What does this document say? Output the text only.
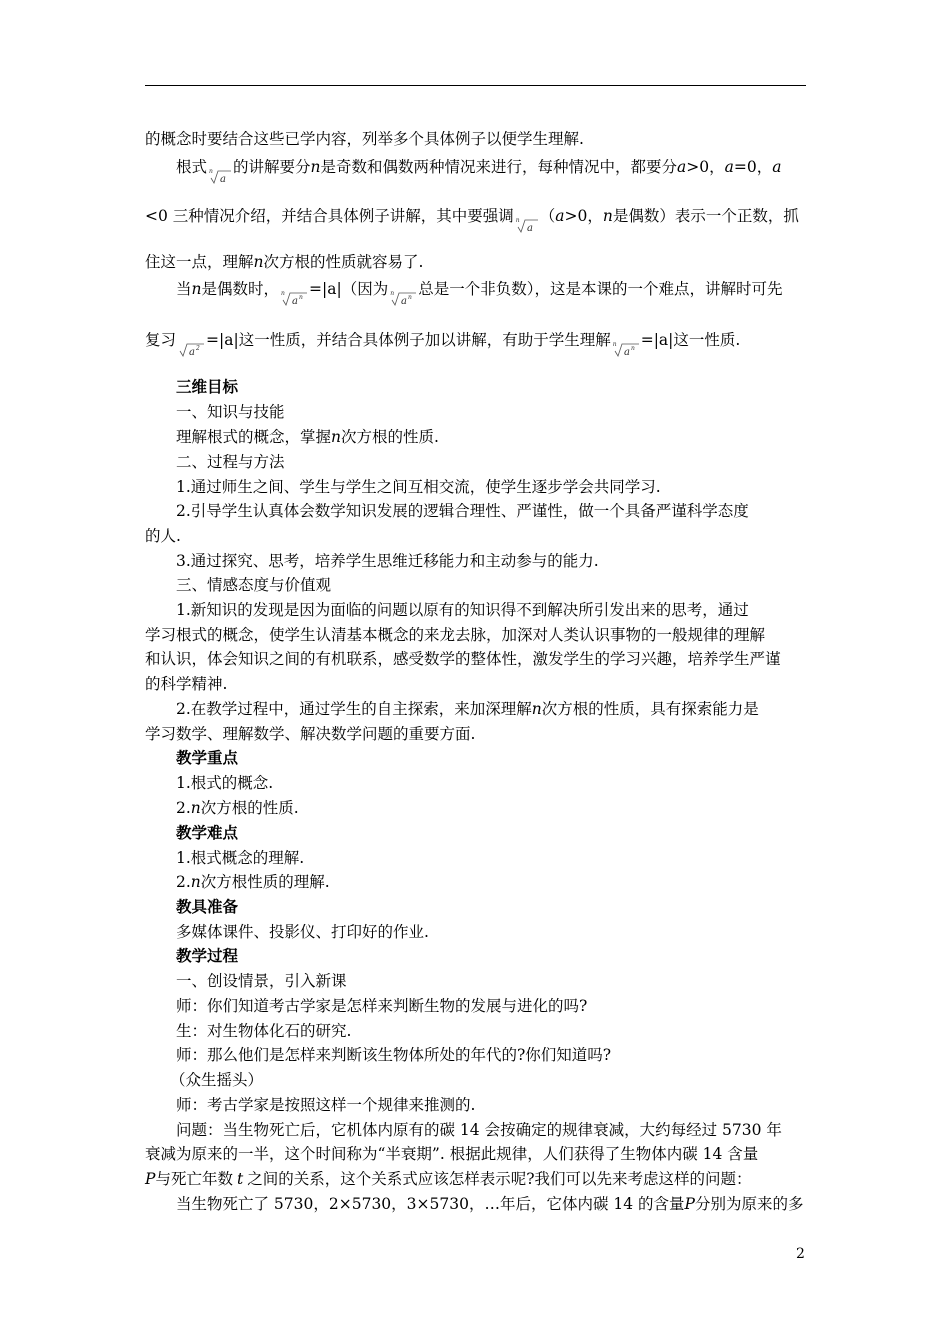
的概念时要结合这些已学内容，列举多个具体例子以便学生理解.
根式 n
a
的讲解要分n是奇数和偶数两种情况来进行，每种情况中，都要分a>0，a=0，a
<0 三种情况介绍，并结合具体例子讲解，其中要强调 n
a
（a>0，n是偶数）表示一个正数，抓
住这一点，理解n次方根的性质就容易了.
当n是偶数时， n
a n =|a|（因为 n
a n 总是一个非负数），这是本课的一个难点，讲解时可先
复习
a 2 =|a|这一性质，并结合具体例子加以讲解，有助于学生理解 n
a n =|a|这一性质.
三维目标
一、知识与技能
理解根式的概念，掌握n次方根的性质.
二、过程与方法
1.通过师生之间、学生与学生之间互相交流，使学生逐步学会共同学习.
2.引导学生认真体会数学知识发展的逻辑合理性、严谨性，做一个具备严谨科学态度
的人.
3.通过探究、思考，培养学生思维迁移能力和主动参与的能力.
三、情感态度与价值观
1.新知识的发现是因为面临的问题以原有的知识得不到解决所引发出来的思考，通过
学习根式的概念，使学生认清基本概念的来龙去脉，加深对人类认识事物的一般规律的理解
和认识，体会知识之间的有机联系，感受数学的整体性，激发学生的学习兴趣，培养学生严谨
的科学精神.
2.在教学过程中，通过学生的自主探索，来加深理解n次方根的性质，具有探索能力是
学习数学、理解数学、解决数学问题的重要方面.
教学重点
1.根式的概念.
2.n次方根的性质.
教学难点
1.根式概念的理解.
2.n次方根性质的理解.
教具准备
多媒体课件、投影仪、打印好的作业.
教学过程
一、创设情景，引入新课
师：你们知道考古学家是怎样来判断生物的发展与进化的吗?
生：对生物体化石的研究.
师：那么他们是怎样来判断该生物体所处的年代的?你们知道吗?
（众生摇头）
师：考古学家是按照这样一个规律来推测的.
问题：当生物死亡后，它机体内原有的碳 14 会按确定的规律衰减，大约每经过 5730 年
衰减为原来的一半，这个时间称为“半衰期”. 根据此规律，人们获得了生物体内碳 14 含量
P与死亡年数 t 之间的关系，这个关系式应该怎样表示呢?我们可以先来考虑这样的问题：
当生物死亡了 5730，2×5730，3×5730，…年后，它体内碳 14 的含量P分别为原来的多
2
